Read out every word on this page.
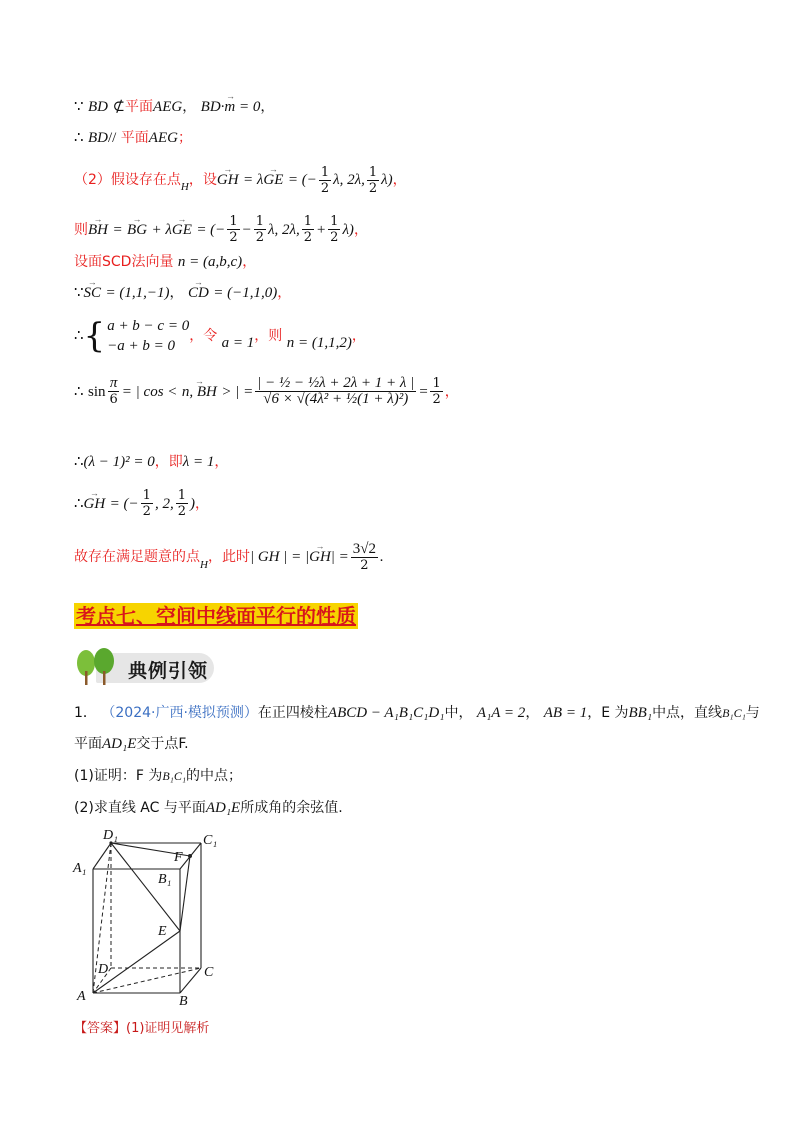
∵
BD
⊄ 平面 AEG ，
→ BD·m = 0 ，
∴
BD //
平面 AEG ；
（2）假设存在点 H ，设 → GH
= λ → GE
= (− $\frac{1}{2} \lambda$, 2λ, $\frac{1}{2} \lambda$) ，
则 → BH
=
→ BG
+ λ → GE
= (− $\frac{1}{2} - \frac{1}{2} \lambda$, 2λ, $\frac{1}{2} + \frac{1}{2} \lambda$) ，
设面SCD法向量
n = (a,b,c) ，
∵ → SC
= (1,1,−1) ，
→ CD
= (−1,1,0) ，
∴ { a + b − c = 0
−a + b = 0
，令
a = 1 ，则
n = (1,1,2) ，
∴
$\sin \frac{\pi}{6}$ = | cos <
→ n, BH
> | = $\frac{\text{| − ½ − ½λ + 2λ + 1 + λ |}}{\text{√6 × √(4λ² + ½(1 + λ)²)}} = \frac{1}{2}$ ，
∴ (λ − 1)² = 0 ，即 λ = 1 ，
∴ → GH
= (− $\frac{1}{2}$ , 2, $\frac{1}{2}$ ) ，
故存在满足题意的点 H ，此时 | GH | = | → GH | = $\frac{3√2}{2}$ .
考点七、空间中线面平行的性质
典例引领
1．
（2024·广西·模拟预测） 在正四棱柱 ABCD − A₁B₁C₁D₁ 中，
A₁A = 2 ，
AB = 1 ，E 为 BB₁ 中点，直线 B₁C₁ 与
平面 AD₁E 交于点F.
(1)证明：F 为 B₁C₁ 的中点；
(2)求直线 AC 与平面 AD₁E 所成角的余弦值.
D₁	C₁
A₁
B₁
F
E
D	C
A	B
【答案】(1)证明见解析
